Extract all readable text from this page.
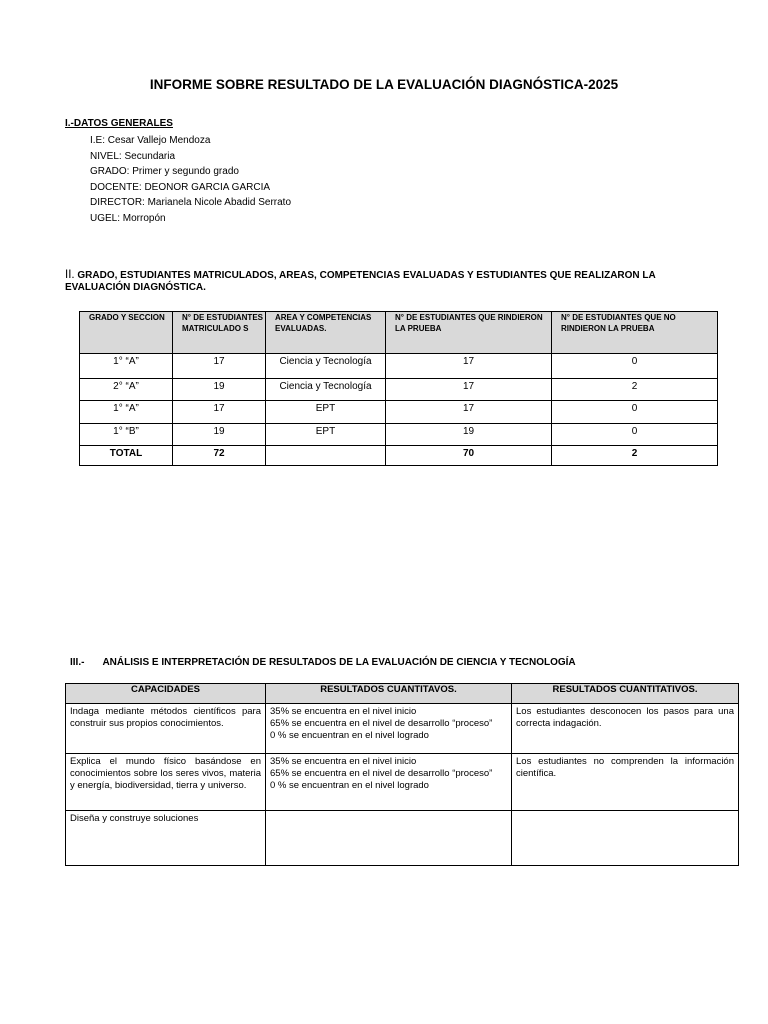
INFORME SOBRE RESULTADO DE LA EVALUACIÓN DIAGNÓSTICA-2025
I.-DATOS GENERALES
I.E: Cesar Vallejo Mendoza
NIVEL: Secundaria
GRADO: Primer y segundo grado
DOCENTE: DEONOR GARCIA GARCIA
DIRECTOR: Marianela Nicole Abadid Serrato
UGEL: Morropón
II. GRADO, ESTUDIANTES MATRICULADOS, AREAS, COMPETENCIAS EVALUADAS Y ESTUDIANTES QUE REALIZARON LA EVALUACIÓN DIAGNÓSTICA.
GRADO Y SECCION	N° DE ESTUDIANTES MATRICULADO S	AREA Y COMPETENCIAS EVALUADAS.	N° DE ESTUDIANTES QUE RINDIERON LA PRUEBA	N° DE ESTUDIANTES QUE NO RINDIERON LA PRUEBA
1° “A”	17	Ciencia y Tecnología	17	0
2° “A”	19	Ciencia y Tecnología	17	2
1° “A”	17	EPT	17	0
1° “B”	19	EPT	19	0
TOTAL	72		70	2
III.- ANÁLISIS E INTERPRETACIÓN DE RESULTADOS DE LA EVALUACIÓN DE CIENCIA Y TECNOLOGÍA
CAPACIDADES	RESULTADOS CUANTITAVOS.	RESULTADOS CUANTITATIVOS.
Indaga mediante métodos científicos para construir sus propios conocimientos.	35% se encuentra en el nivel inicio
65% se encuentra en el nivel de desarrollo “proceso”
0 % se encuentran en el nivel logrado	Los estudiantes desconocen los pasos para una correcta indagación.
Explica el mundo físico basándose en conocimientos sobre los seres vivos, materia y energía, biodiversidad, tierra y universo.	35% se encuentra en el nivel inicio
65% se encuentra en el nivel de desarrollo “proceso”
0 % se encuentran en el nivel logrado	Los estudiantes no comprenden la información científica.
Diseña y construye soluciones		
